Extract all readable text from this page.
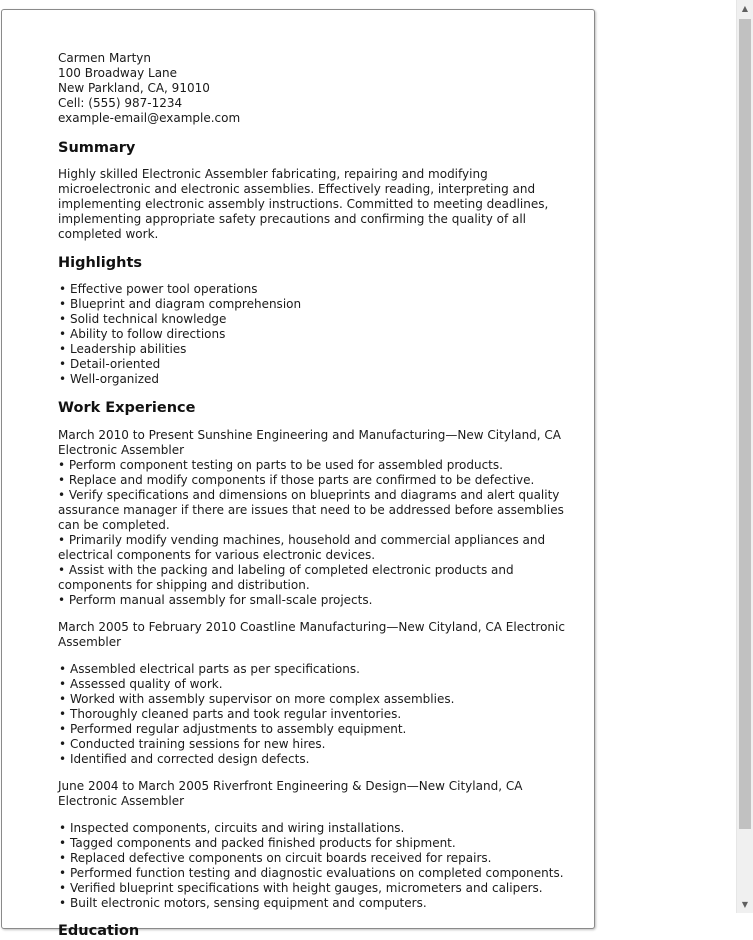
Carmen Martyn
100 Broadway Lane
New Parkland, CA, 91010
Cell: (555) 987-1234
example-email@example.com
Summary
Highly skilled Electronic Assembler fabricating, repairing and modifying microelectronic and electronic assemblies. Effectively reading, interpreting and implementing electronic assembly instructions. Committed to meeting deadlines, implementing appropriate safety precautions and confirming the quality of all completed work.
Highlights
• Effective power tool operations
• Blueprint and diagram comprehension
• Solid technical knowledge
• Ability to follow directions
• Leadership abilities
• Detail-oriented
• Well-organized
Work Experience
March 2010 to Present Sunshine Engineering and Manufacturing—New Cityland, CA Electronic Assembler
• Perform component testing on parts to be used for assembled products.
• Replace and modify components if those parts are confirmed to be defective.
• Verify specifications and dimensions on blueprints and diagrams and alert quality assurance manager if there are issues that need to be addressed before assemblies can be completed.
• Primarily modify vending machines, household and commercial appliances and electrical components for various electronic devices.
• Assist with the packing and labeling of completed electronic products and components for shipping and distribution.
• Perform manual assembly for small-scale projects.
March 2005 to February 2010 Coastline Manufacturing—New Cityland, CA Electronic Assembler
• Assembled electrical parts as per specifications.
• Assessed quality of work.
• Worked with assembly supervisor on more complex assemblies.
• Thoroughly cleaned parts and took regular inventories.
• Performed regular adjustments to assembly equipment.
• Conducted training sessions for new hires.
• Identified and corrected design defects.
June 2004 to March 2005 Riverfront Engineering & Design—New Cityland, CA Electronic Assembler
• Inspected components, circuits and wiring installations.
• Tagged components and packed finished products for shipment.
• Replaced defective components on circuit boards received for repairs.
• Performed function testing and diagnostic evaluations on completed components.
• Verified blueprint specifications with height gauges, micrometers and calipers.
• Built electronic motors, sensing equipment and computers.
Education
▲
▼
